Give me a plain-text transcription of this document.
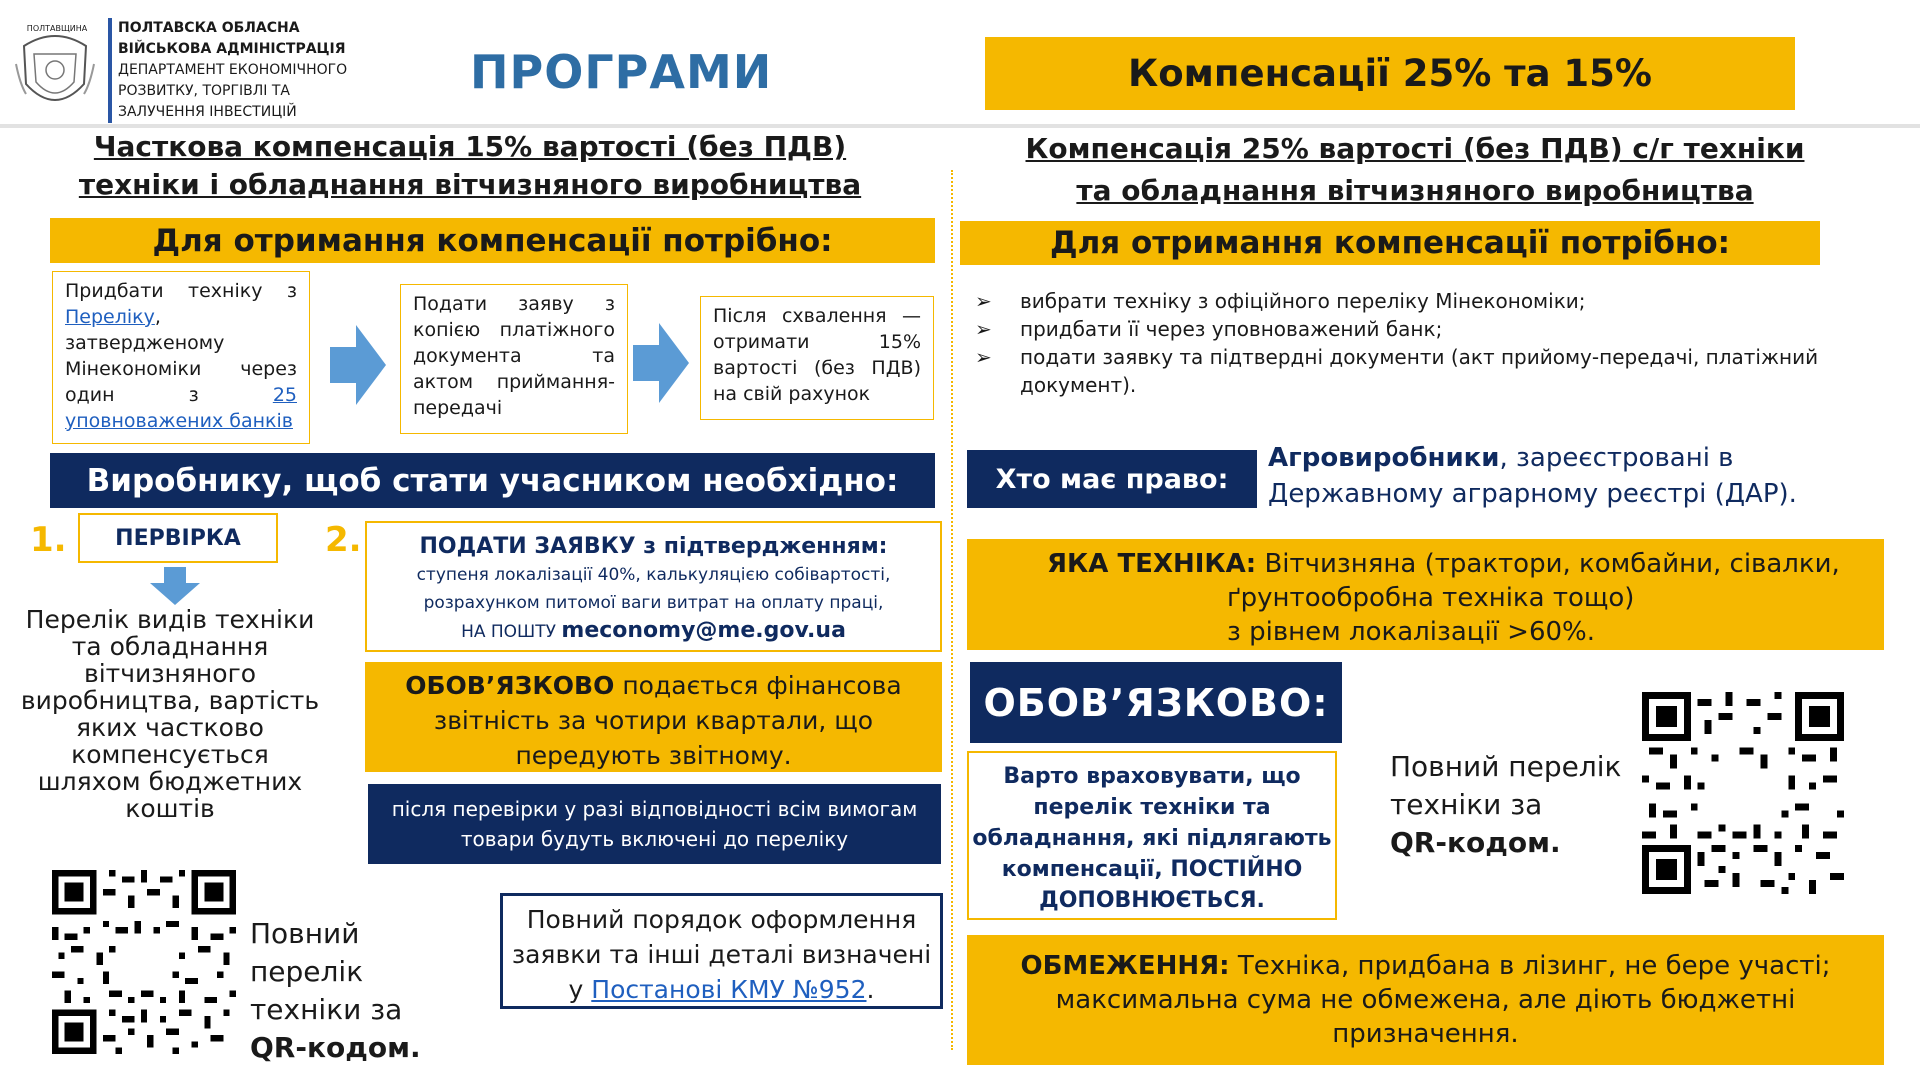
ПОЛТАВЩИНА	ПОЛТАВСКА ОБЛАСНА
ВІЙСЬКОВА АДМІНІСТРАЦІЯ
ДЕПАРТАМЕНТ ЕКОНОМІЧНОГО
РОЗВИТКУ, ТОРГІВЛІ ТА
ЗАЛУЧЕННЯ ІНВЕСТИЦІЙ
ПРОГРАМИ	Компенсації 25% та 15%
Часткова компенсація 15% вартості (без ПДВ)
техніки і обладнання вітчизняного виробництва
Для отримання компенсації потрібно:
Придбати техніку з Переліку, затвердженому Мінекономіки через один з 25 уповноважених банків
Подати заяву з копією платіжного документа та актом приймання-передачі
Після схвалення — отримати 15% вартості (без ПДВ) на свій рахунок
Виробнику, щоб стати учасником необхідно:
1.	ПЕРВІРКА
Перелік видів техніки та обладнання вітчизняного виробництва, вартість яких частково компенсується шляхом бюджетних коштів
2.	ПОДАТИ ЗАЯВКУ з підтвердженням:
ступеня локалізації 40%, калькуляцією собівартості, розрахунком питомої ваги витрат на оплату праці,
НА ПОШТУ meconomy@me.gov.ua
ОБОВ’ЯЗКОВО подається фінансова звітність за чотири квартали, що передують звітному.
після перевірки у разі відповідності всім вимогам товари будуть включені до переліку
Повний перелік
техніки за
QR-кодом.
Повний порядок оформлення заявки та інші деталі визначені у Постанові КМУ №952.
Компенсація 25% вартості (без ПДВ) с/г техніки
та обладнання вітчизняного виробництва
Для отримання компенсації потрібно:
➢ вибрати техніку з офіційного переліку Мінекономіки;
➢ придбати її через уповноважений банк;
➢ подати заявку та підтвердні документи (акт прийому-передачі, платіжний документ).
Хто має право:
Агровиробники, зареєстровані в Державному аграрному реєстрі (ДАР).
ЯКА ТЕХНІКА: Вітчизняна (трактори, комбайни, сівалки,
ґрунтообробна техніка тощо)
з рівнем локалізації >60%.
ОБОВ’ЯЗКОВО:
Варто враховувати, що перелік техніки та обладнання, які підлягають компенсації, ПОСТІЙНО ДОПОВНЮЄТЬСЯ.
Повний перелік
техніки за
QR-кодом.
ОБМЕЖЕННЯ: Техніка, придбана в лізинг, не бере участі; максимальна сума не обмежена, але діють бюджетні призначення.
